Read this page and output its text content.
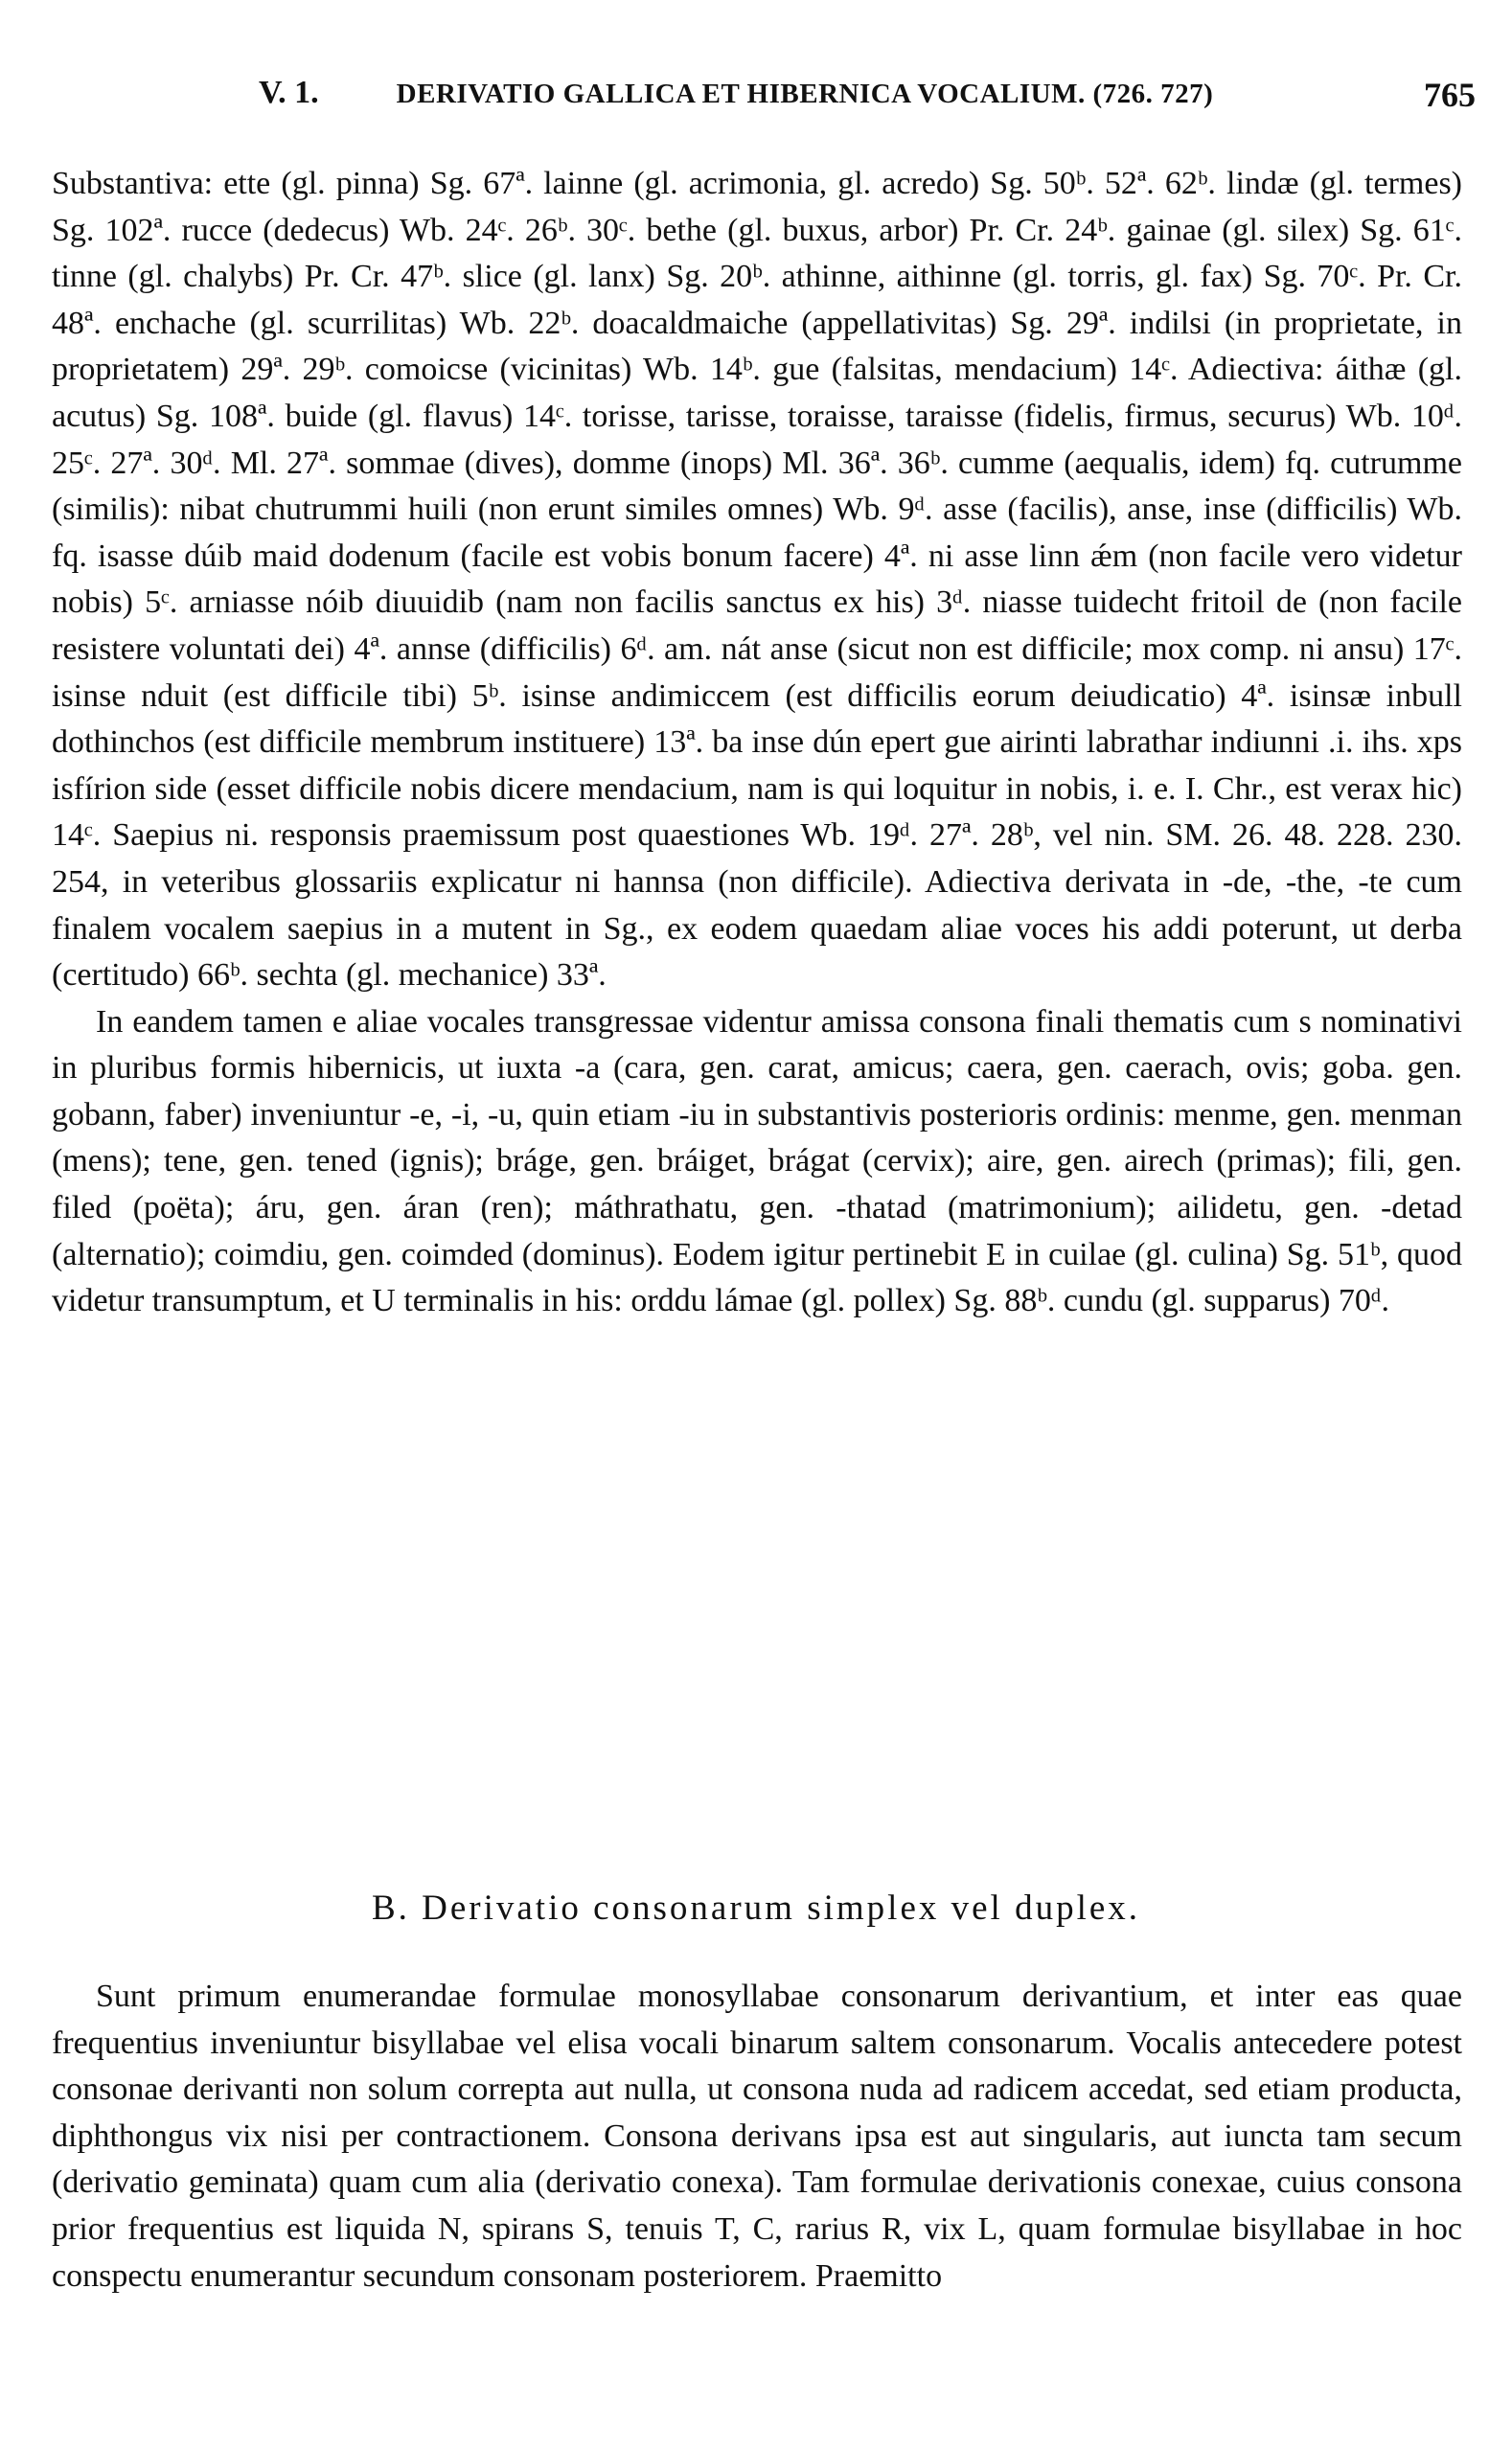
V. 1.	DERIVATIO GALLICA ET HIBERNICA VOCALIUM. (726. 727)	765

Substantiva: ette (gl. pinna) Sg. 67ª. lainne (gl. acrimonia, gl. acredo) Sg. 50ᵇ. 52ª. 62ᵇ. lindæ (gl. termes) Sg. 102ª. rucce (dedecus) Wb. 24ᶜ. 26ᵇ. 30ᶜ. bethe (gl. buxus, arbor) Pr. Cr. 24ᵇ. gainae (gl. silex) Sg. 61ᶜ. tinne (gl. chalybs) Pr. Cr. 47ᵇ. slice (gl. lanx) Sg. 20ᵇ. athinne, aithinne (gl. torris, gl. fax) Sg. 70ᶜ. Pr. Cr. 48ª. enchache (gl. scurrilitas) Wb. 22ᵇ. doacaldmaiche (appellativitas) Sg. 29ª. indilsi (in proprietate, in proprietatem) 29ª. 29ᵇ. comoicse (vicinitas) Wb. 14ᵇ. gue (falsitas, mendacium) 14ᶜ. Adiectiva: áithæ (gl. acutus) Sg. 108ª. buide (gl. flavus) 14ᶜ. torisse, tarisse, toraisse, taraisse (fidelis, firmus, securus) Wb. 10ᵈ. 25ᶜ. 27ª. 30ᵈ. Ml. 27ª. sommae (dives), domme (inops) Ml. 36ª. 36ᵇ. cumme (aequalis, idem) fq. cutrumme (similis): nibat chutrummi huili (non erunt similes omnes) Wb. 9ᵈ. asse (facilis), anse, inse (difficilis) Wb. fq. isasse dúib maid dodenum (facile est vobis bonum facere) 4ª. ni asse linn ǽm (non facile vero videtur nobis) 5ᶜ. arniasse nóib diuuidib (nam non facilis sanctus ex his) 3ᵈ. niasse tuidecht fritoil de (non facile resistere voluntati dei) 4ª. annse (difficilis) 6ᵈ. am. nát anse (sicut non est difficile; mox comp. ni ansu) 17ᶜ. isinse nduit (est difficile tibi) 5ᵇ. isinse andimiccem (est difficilis eorum deiudicatio) 4ª. isinsæ inbull dothinchos (est difficile membrum instituere) 13ª. ba inse dún epert gue airinti labrathar indiunni .i. ihs. xps isfírion side (esset difficile nobis dicere mendacium, nam is qui loquitur in nobis, i. e. I. Chr., est verax hic) 14ᶜ. Saepius ni. responsis praemissum post quaestiones Wb. 19ᵈ. 27ª. 28ᵇ, vel nin. SM. 26. 48. 228. 230. 254, in veteribus glossariis explicatur ni hannsa (non difficile). Adiectiva derivata in -de, -the, -te cum finalem vocalem saepius in a mutent in Sg., ex eodem quaedam aliae voces his addi poterunt, ut derba (certitudo) 66ᵇ. sechta (gl. mechanice) 33ª.

In eandem tamen e aliae vocales transgressae videntur amissa consona finali thematis cum s nominativi in pluribus formis hibernicis, ut iuxta -a (cara, gen. carat, amicus; caera, gen. caerach, ovis; goba. gen. gobann, faber) inveniuntur -e, -i, -u, quin etiam -iu in substantivis posterioris ordinis: menme, gen. menman (mens); tene, gen. tened (ignis); bráge, gen. bráiget, brágat (cervix); aire, gen. airech (primas); fili, gen. filed (poëta); áru, gen. áran (ren); máthrathatu, gen. -thatad (matrimonium); ailidetu, gen. -detad (alternatio); coimdiu, gen. coimded (dominus). Eodem igitur pertinebit E in cuilae (gl. culina) Sg. 51ᵇ, quod videtur transumptum, et U terminalis in his: orddu lámae (gl. pollex) Sg. 88ᵇ. cundu (gl. supparus) 70ᵈ.

B. Derivatio consonarum simplex vel duplex.

Sunt primum enumerandae formulae monosyllabae consonarum derivantium, et inter eas quae frequentius inveniuntur bisyllabae vel elisa vocali binarum saltem consonarum. Vocalis antecedere potest consonae derivanti non solum correpta aut nulla, ut consona nuda ad radicem accedat, sed etiam producta, diphthongus vix nisi per contractionem. Consona derivans ipsa est aut singularis, aut iuncta tam secum (derivatio geminata) quam cum alia (derivatio conexa). Tam formulae derivationis conexae, cuius consona prior frequentius est liquida N, spirans S, tenuis T, C, rarius R, vix L, quam formulae bisyllabae in hoc conspectu enumerantur secundum consonam posteriorem. Praemitto
